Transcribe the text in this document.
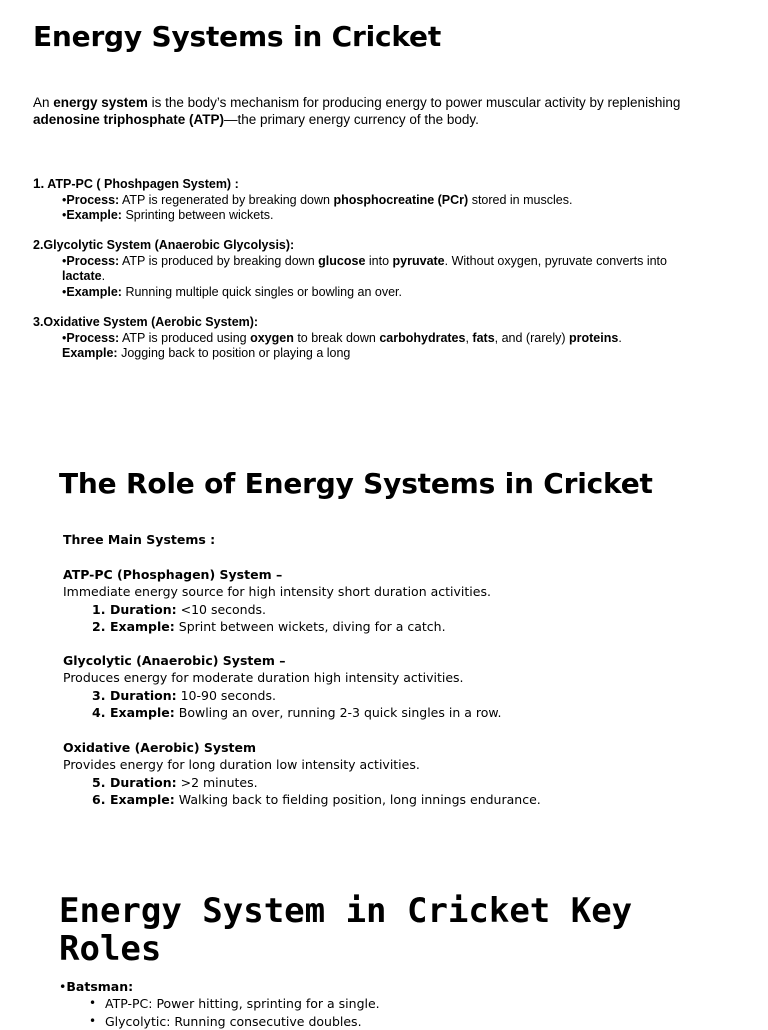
Energy Systems in Cricket
An energy system is the body’s mechanism for producing energy to power muscular activity by replenishing adenosine triphosphate (ATP)—the primary energy currency of the body.
1. ATP-PC ( Phoshpagen System) :
•Process: ATP is regenerated by breaking down phosphocreatine (PCr) stored in muscles.
•Example: Sprinting between wickets.
2.Glycolytic System (Anaerobic Glycolysis):
•Process: ATP is produced by breaking down glucose into pyruvate. Without oxygen, pyruvate converts into lactate.
•Example: Running multiple quick singles or bowling an over.
3.Oxidative System (Aerobic System):
•Process: ATP is produced using oxygen to break down carbohydrates, fats, and (rarely) proteins.
Example: Jogging back to position or playing a long
The Role of Energy Systems in Cricket
Three Main Systems :
ATP-PC (Phosphagen) System –
Immediate energy source for high intensity short duration activities.
1. Duration: <10 seconds.
2. Example: Sprint between wickets, diving for a catch.
Glycolytic (Anaerobic) System –
Produces energy for moderate duration high intensity activities.
3. Duration: 10-90 seconds.
4. Example: Bowling an over, running 2-3 quick singles in a row.
Oxidative (Aerobic) System
Provides energy for long duration low intensity activities.
5. Duration: >2 minutes.
6. Example: Walking back to fielding position, long innings endurance.
Energy System in Cricket Key Roles
•Batsman:
• ATP-PC: Power hitting, sprinting for a single.
• Glycolytic: Running consecutive doubles.
